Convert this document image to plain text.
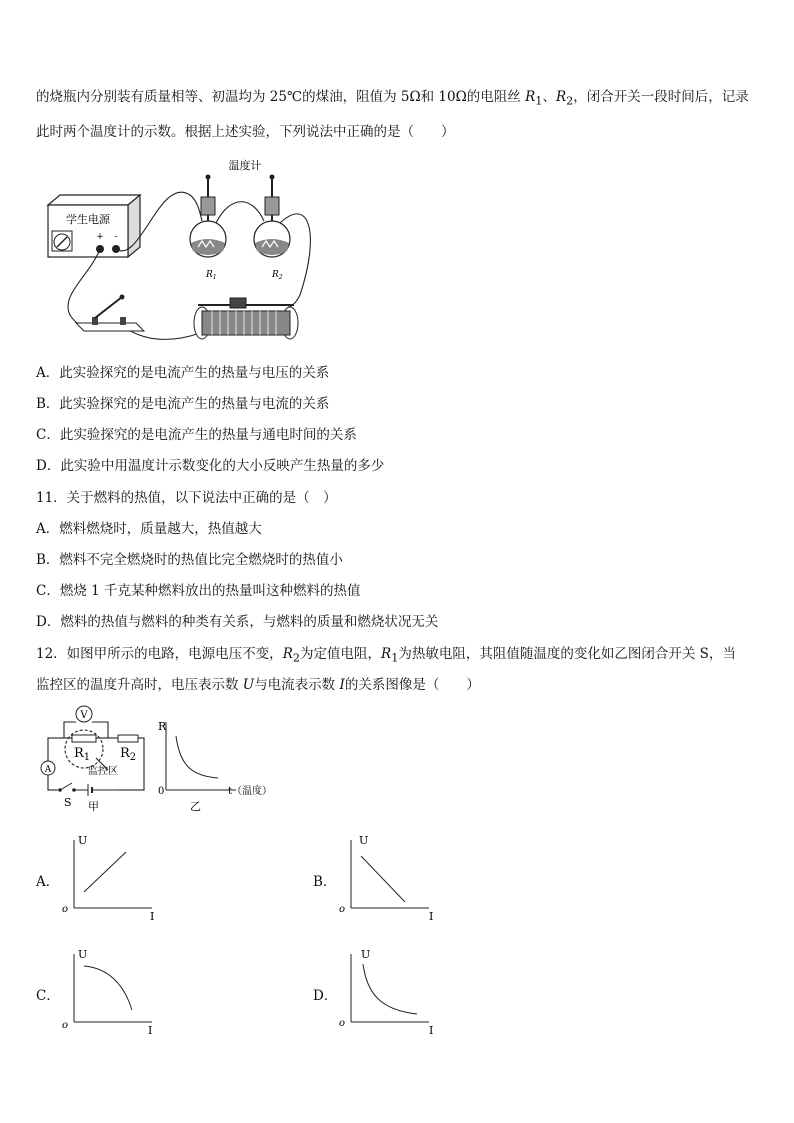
的烧瓶内分别装有质量相等、初温均为 25℃的煤油，阻值为 5Ω和 10Ω的电阻丝 $R_1$、$R_2$，闭合开关一段时间后，记录
此时两个温度计的示数。根据上述实验，下列说法中正确的是（　　）
学生电源
+ -
温度计
$R_1$	$R_2$
A．此实验探究的是电流产生的热量与电压的关系
B．此实验探究的是电流产生的热量与电流的关系
C．此实验探究的是电流产生的热量与通电时间的关系
D．此实验中用温度计示数变化的大小反映产生热量的多少
11．关于燃料的热值，以下说法中正确的是（　）
A．燃料燃烧时，质量越大，热值越大
B．燃料不完全燃烧时的热值比完全燃烧时的热值小
C．燃烧 1 千克某种燃料放出的热量叫这种燃料的热值
D．燃料的热值与燃料的种类有关系，与燃料的质量和燃烧状况无关
12．如图甲所示的电路，电源电压不变，$R_2$为定值电阻，$R_1$为热敏电阻，其阻值随温度的变化如乙图闭合开关 S，当
监控区的温度升高时，电压表示数 U与电流表示数 I的关系图像是（　　）
V
$R_1$ $R_2$
监控区
A
S 甲
R
0	t（温度）
乙
A．
U
o
I
B．
U
o
I
C．
U
o	I
D．
U
o
I
